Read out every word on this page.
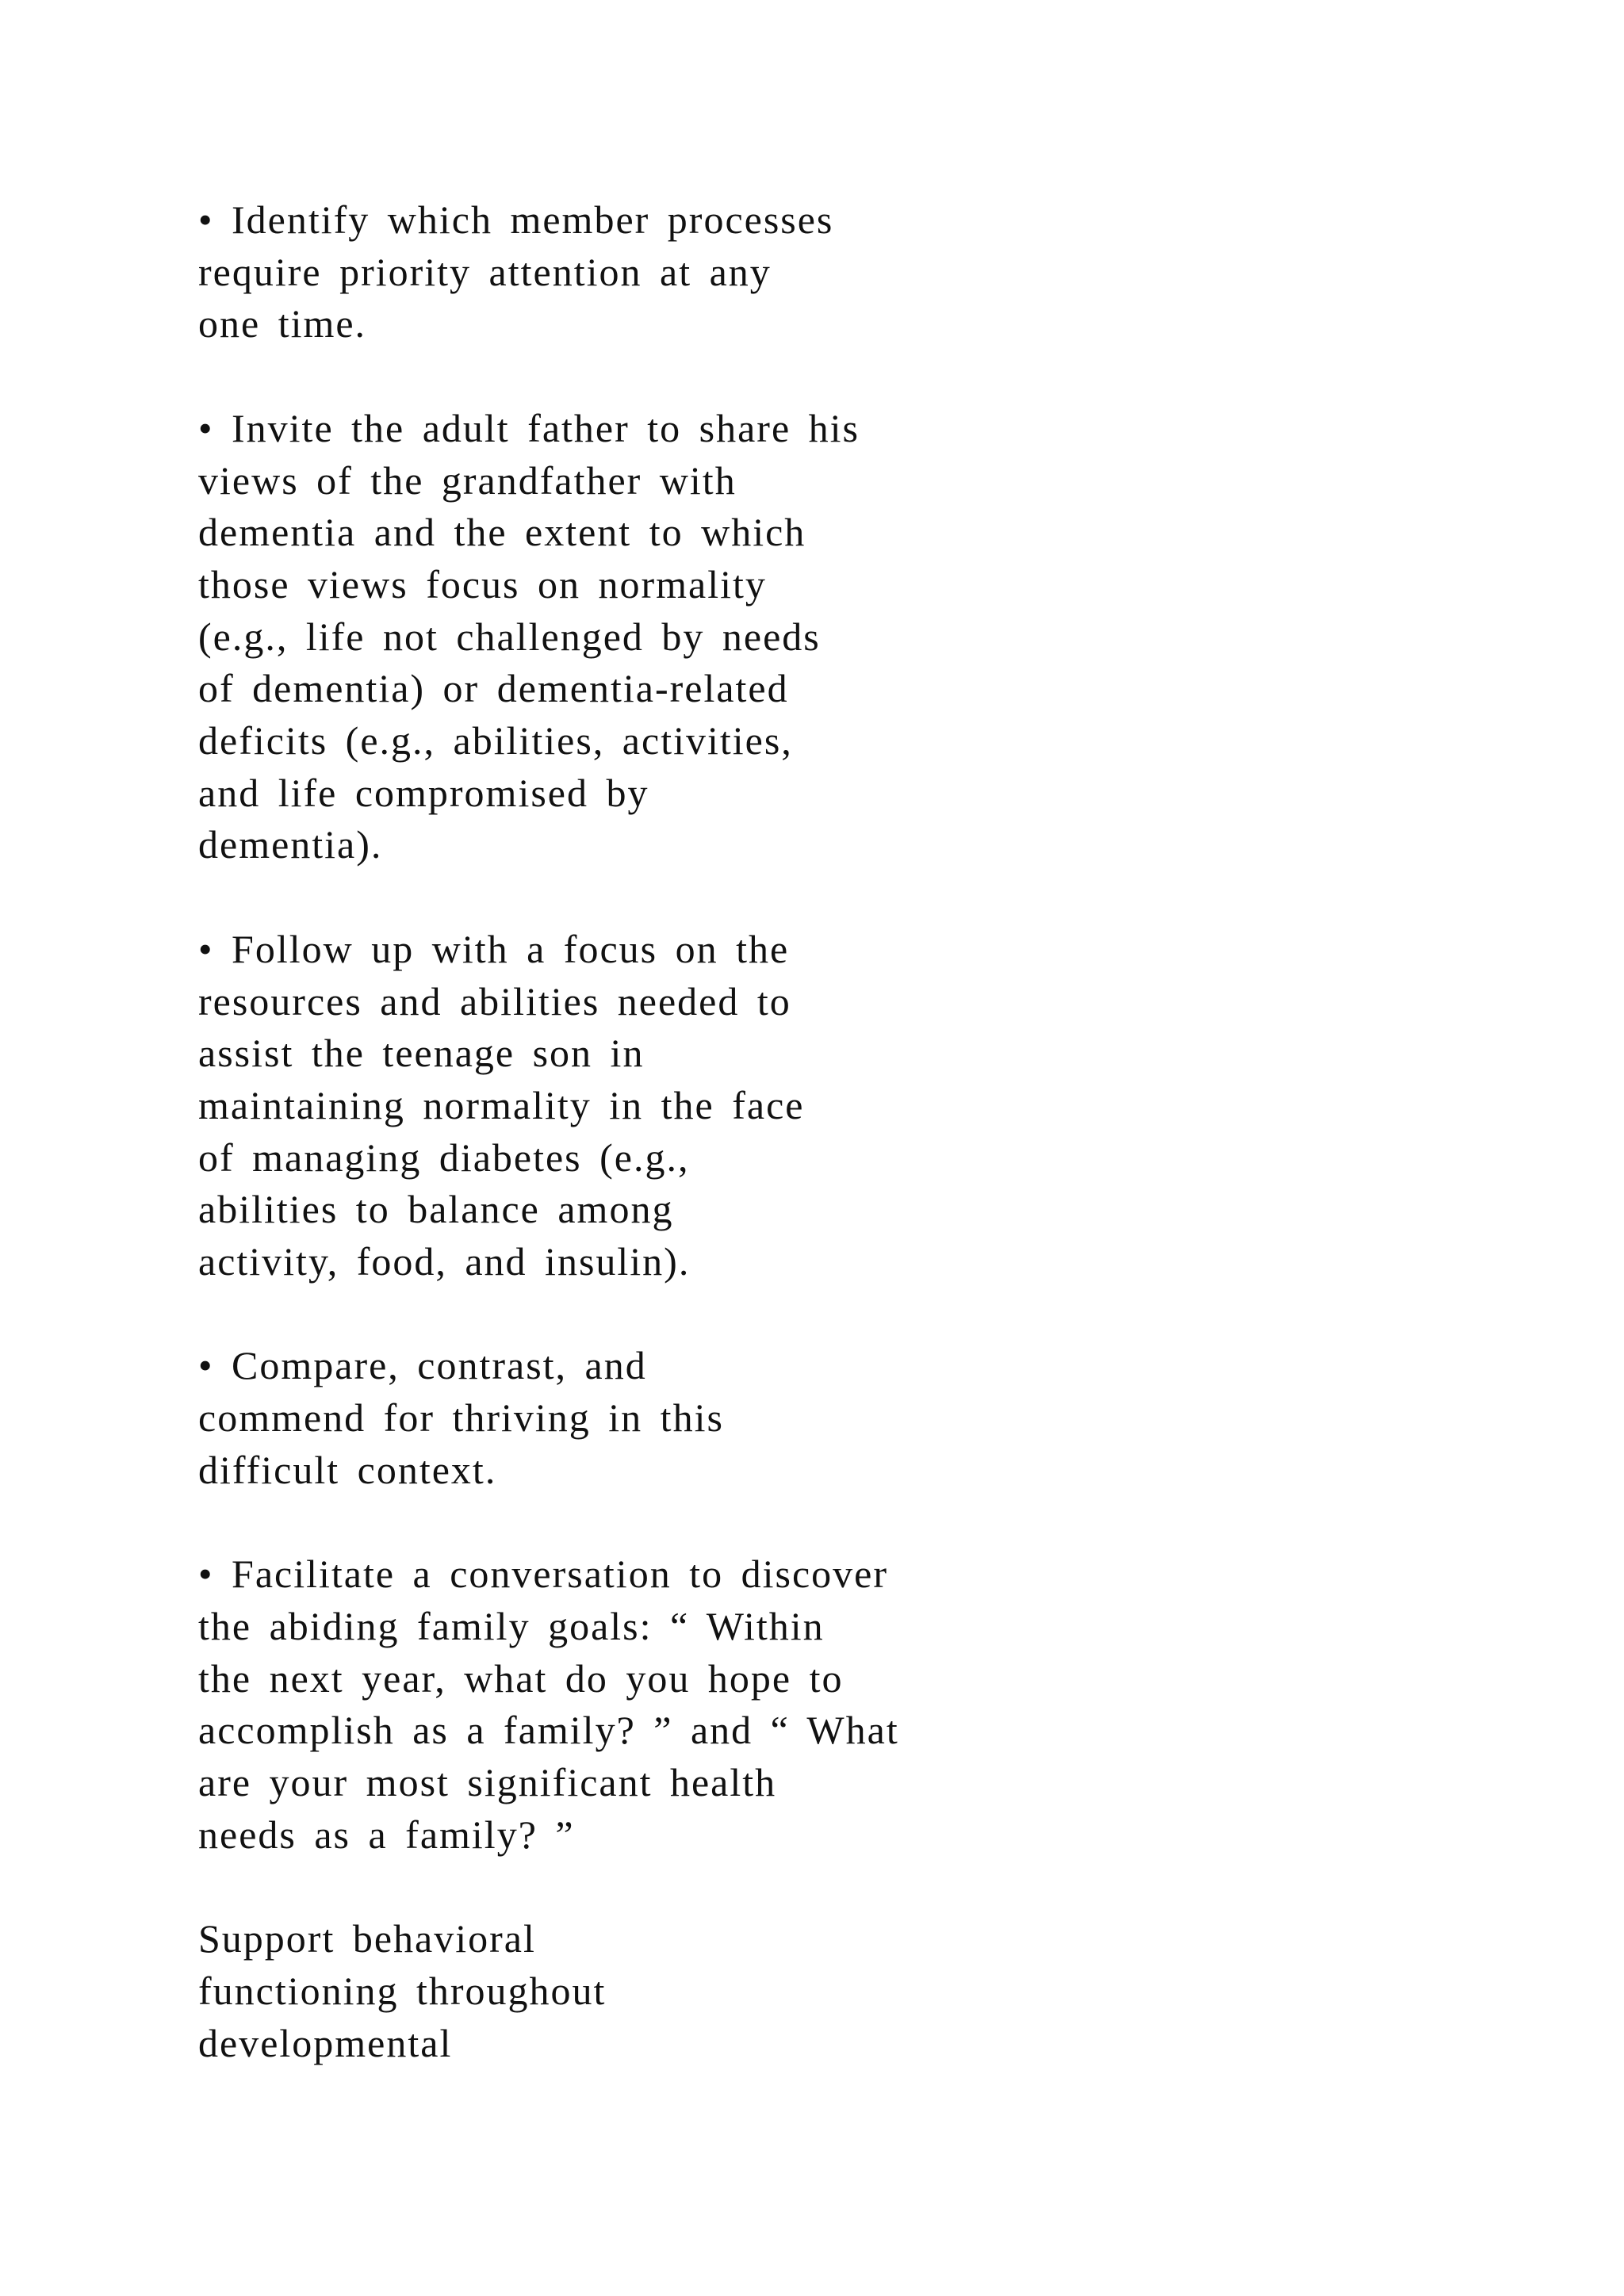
• Identify which member processes
require priority attention at any
one time.

• Invite the adult father to share his
views of the grandfather with
dementia and the extent to which
those views focus on normality
(e.g., life not challenged by needs
of dementia) or dementia-related
deficits (e.g., abilities, activities,
and life compromised by
dementia).

• Follow up with a focus on the
resources and abilities needed to
assist the teenage son in
maintaining normality in the face
of managing diabetes (e.g.,
abilities to balance among
activity, food, and insulin).

• Compare, contrast, and
commend for thriving in this
difficult context.

• Facilitate a conversation to discover
the abiding family goals: “ Within
the next year, what do you hope to
accomplish as a family? ” and “ What
are your most significant health
needs as a family? ”

Support behavioral
functioning throughout
developmental
